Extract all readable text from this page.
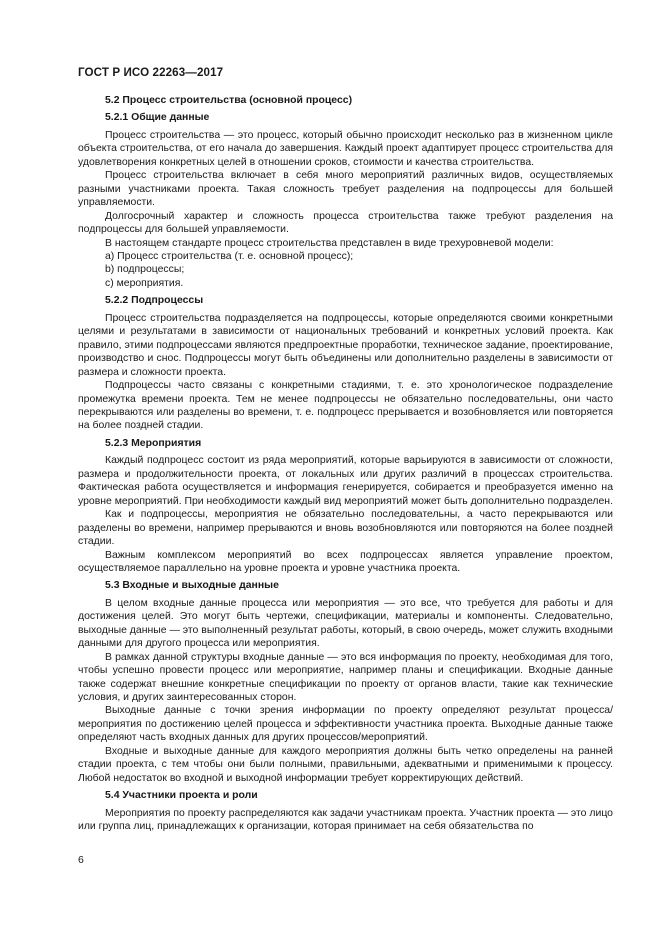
ГОСТ Р ИСО 22263—2017
5.2 Процесс строительства (основной процесс)
5.2.1 Общие данные

Процесс строительства — это процесс, который обычно происходит несколько раз в жизненном цикле объекта строительства, от его начала до завершения. Каждый проект адаптирует процесс строительства для удовлетворения конкретных целей в отношении сроков, стоимости и качества строительства.

Процесс строительства включает в себя много мероприятий различных видов, осуществляемых разными участниками проекта. Такая сложность требует разделения на подпроцессы для большей управляемости.

Долгосрочный характер и сложность процесса строительства также требуют разделения на подпроцессы для большей управляемости.

В настоящем стандарте процесс строительства представлен в виде трехуровневой модели:

a) Процесс строительства (т. е. основной процесс);

b) подпроцессы;

c) мероприятия.

5.2.2 Подпроцессы

Процесс строительства подразделяется на подпроцессы, которые определяются своими конкретными целями и результатами в зависимости от национальных требований и конкретных условий проекта. Как правило, этими подпроцессами являются предпроектные проработки, техническое задание, проектирование, производство и снос. Подпроцессы могут быть объединены или дополнительно разделены в зависимости от размера и сложности проекта.

Подпроцессы часто связаны с конкретными стадиями, т. е. это хронологическое подразделение промежутка времени проекта. Тем не менее подпроцессы не обязательно последовательны, они часто перекрываются или разделены во времени, т. е. подпроцесс прерывается и возобновляется или повторяется на более поздней стадии.

5.2.3 Мероприятия

Каждый подпроцесс состоит из ряда мероприятий, которые варьируются в зависимости от сложности, размера и продолжительности проекта, от локальных или других различий в процессах строительства. Фактическая работа осуществляется и информация генерируется, собирается и преобразуется именно на уровне мероприятий. При необходимости каждый вид мероприятий может быть дополнительно подразделен.

Как и подпроцессы, мероприятия не обязательно последовательны, а часто перекрываются или разделены во времени, например прерываются и вновь возобновляются или повторяются на более поздней стадии.

Важным комплексом мероприятий во всех подпроцессах является управление проектом, осуществляемое параллельно на уровне проекта и уровне участника проекта.

5.3 Входные и выходные данные

В целом входные данные процесса или мероприятия — это все, что требуется для работы и для достижения целей. Это могут быть чертежи, спецификации, материалы и компоненты. Следовательно, выходные данные — это выполненный результат работы, который, в свою очередь, может служить входными данными для другого процесса или мероприятия.

В рамках данной структуры входные данные — это вся информация по проекту, необходимая для того, чтобы успешно провести процесс или мероприятие, например планы и спецификации. Входные данные также содержат внешние конкретные спецификации по проекту от органов власти, такие как технические условия, и других заинтересованных сторон.

Выходные данные с точки зрения информации по проекту определяют результат процесса/мероприятия по достижению целей процесса и эффективности участника проекта. Выходные данные также определяют часть входных данных для других процессов/мероприятий.

Входные и выходные данные для каждого мероприятия должны быть четко определены на ранней стадии проекта, с тем чтобы они были полными, правильными, адекватными и применимыми к процессу. Любой недостаток во входной и выходной информации требует корректирующих действий.

5.4 Участники проекта и роли

Мероприятия по проекту распределяются как задачи участникам проекта. Участник проекта — это лицо или группа лиц, принадлежащих к организации, которая принимает на себя обязательства по

6
